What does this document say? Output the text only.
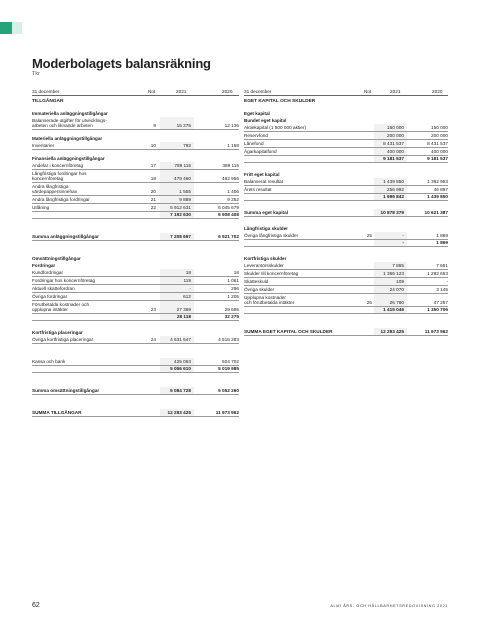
Moderbolagets balansräkning
Tkr
31 december	Not	2021	2020
TILLGÅNGAR
Immateriella anläggningstillgångar
Balanserade utgifter för utvecklings-
arbeten och liknande arbeten	9	15 275	12 136
Materiella anläggningstillgångar
Inventarier	10	792	1 158
Finansiella anläggningstillgångar
Andelar i koncernföretag	17	789 115	389 115
Långfristiga fordringar hos
koncernföretag	18	479 460	462 956
Andra långfristiga
värdepappersinnehav	20	1 555	1 406
Andra långfristiga fordringar	21	9 889	9 252
Utlåning	22	5 912 631	6 045 679
7 192 630	6 908 408
Summa anläggningstillgångar	7 208 697	6 921 702
Omsättningstillgångar
Fordringar
Kundfordringar	18	18
Fordringar hos koncernföretag	119	1 061
Aktuell skattefordran	-	296
Övriga fordringar	612	1 205
Förutbetalda kostnader och
upplupna intäkter	23	27 369	29 695
28 118	32 275
Kortfristiga placeringar
Övriga kortfristiga placeringar	24	4 631 547	4 515 283
Kassa och bank	425 063	504 702
5 056 610	5 019 985
Summa omsättningstillgångar	5 084 728	5 052 260
SUMMA TILLGÅNGAR	12 293 425	11 973 962
31 december	Not	2021	2020
EGET KAPITAL OCH SKULDER
Eget kapital
Bundet eget kapital
Aktiekapital (1 500 000 aktier)	150 000	150 000
Reservfond	200 000	200 000
Lånefond	8 431 537	8 431 537
Ägarkapitalfond	400 000	400 000
9 181 537	9 181 537
Fritt eget kapital
Balanserat resultat	1 439 850	1 392 953
Årets resultat	256 992	46 897
1 696 842	1 439 850
Summa eget kapital	10 878 379	10 621 387
Långfristiga skulder
Övriga långfristiga skulder	25	-	1 869
-	1 869
Kortfristiga skulder
Leverantörsskulder	7 865	7 651
Skulder till koncernföretag	1 356 123	1 292 653
Skatteskuld	109	-
Övriga skulder	24 070	3 145
Upplupna kostnader
och förutbetalda intäkter	26	26 780	47 257
1 415 046	1 350 706
SUMMA EGET KAPITAL OCH SKULDER	12 293 425	11 973 962
62	ALMI ÅRS- OCH HÅLLBARHETSREDOVISNING 2021
